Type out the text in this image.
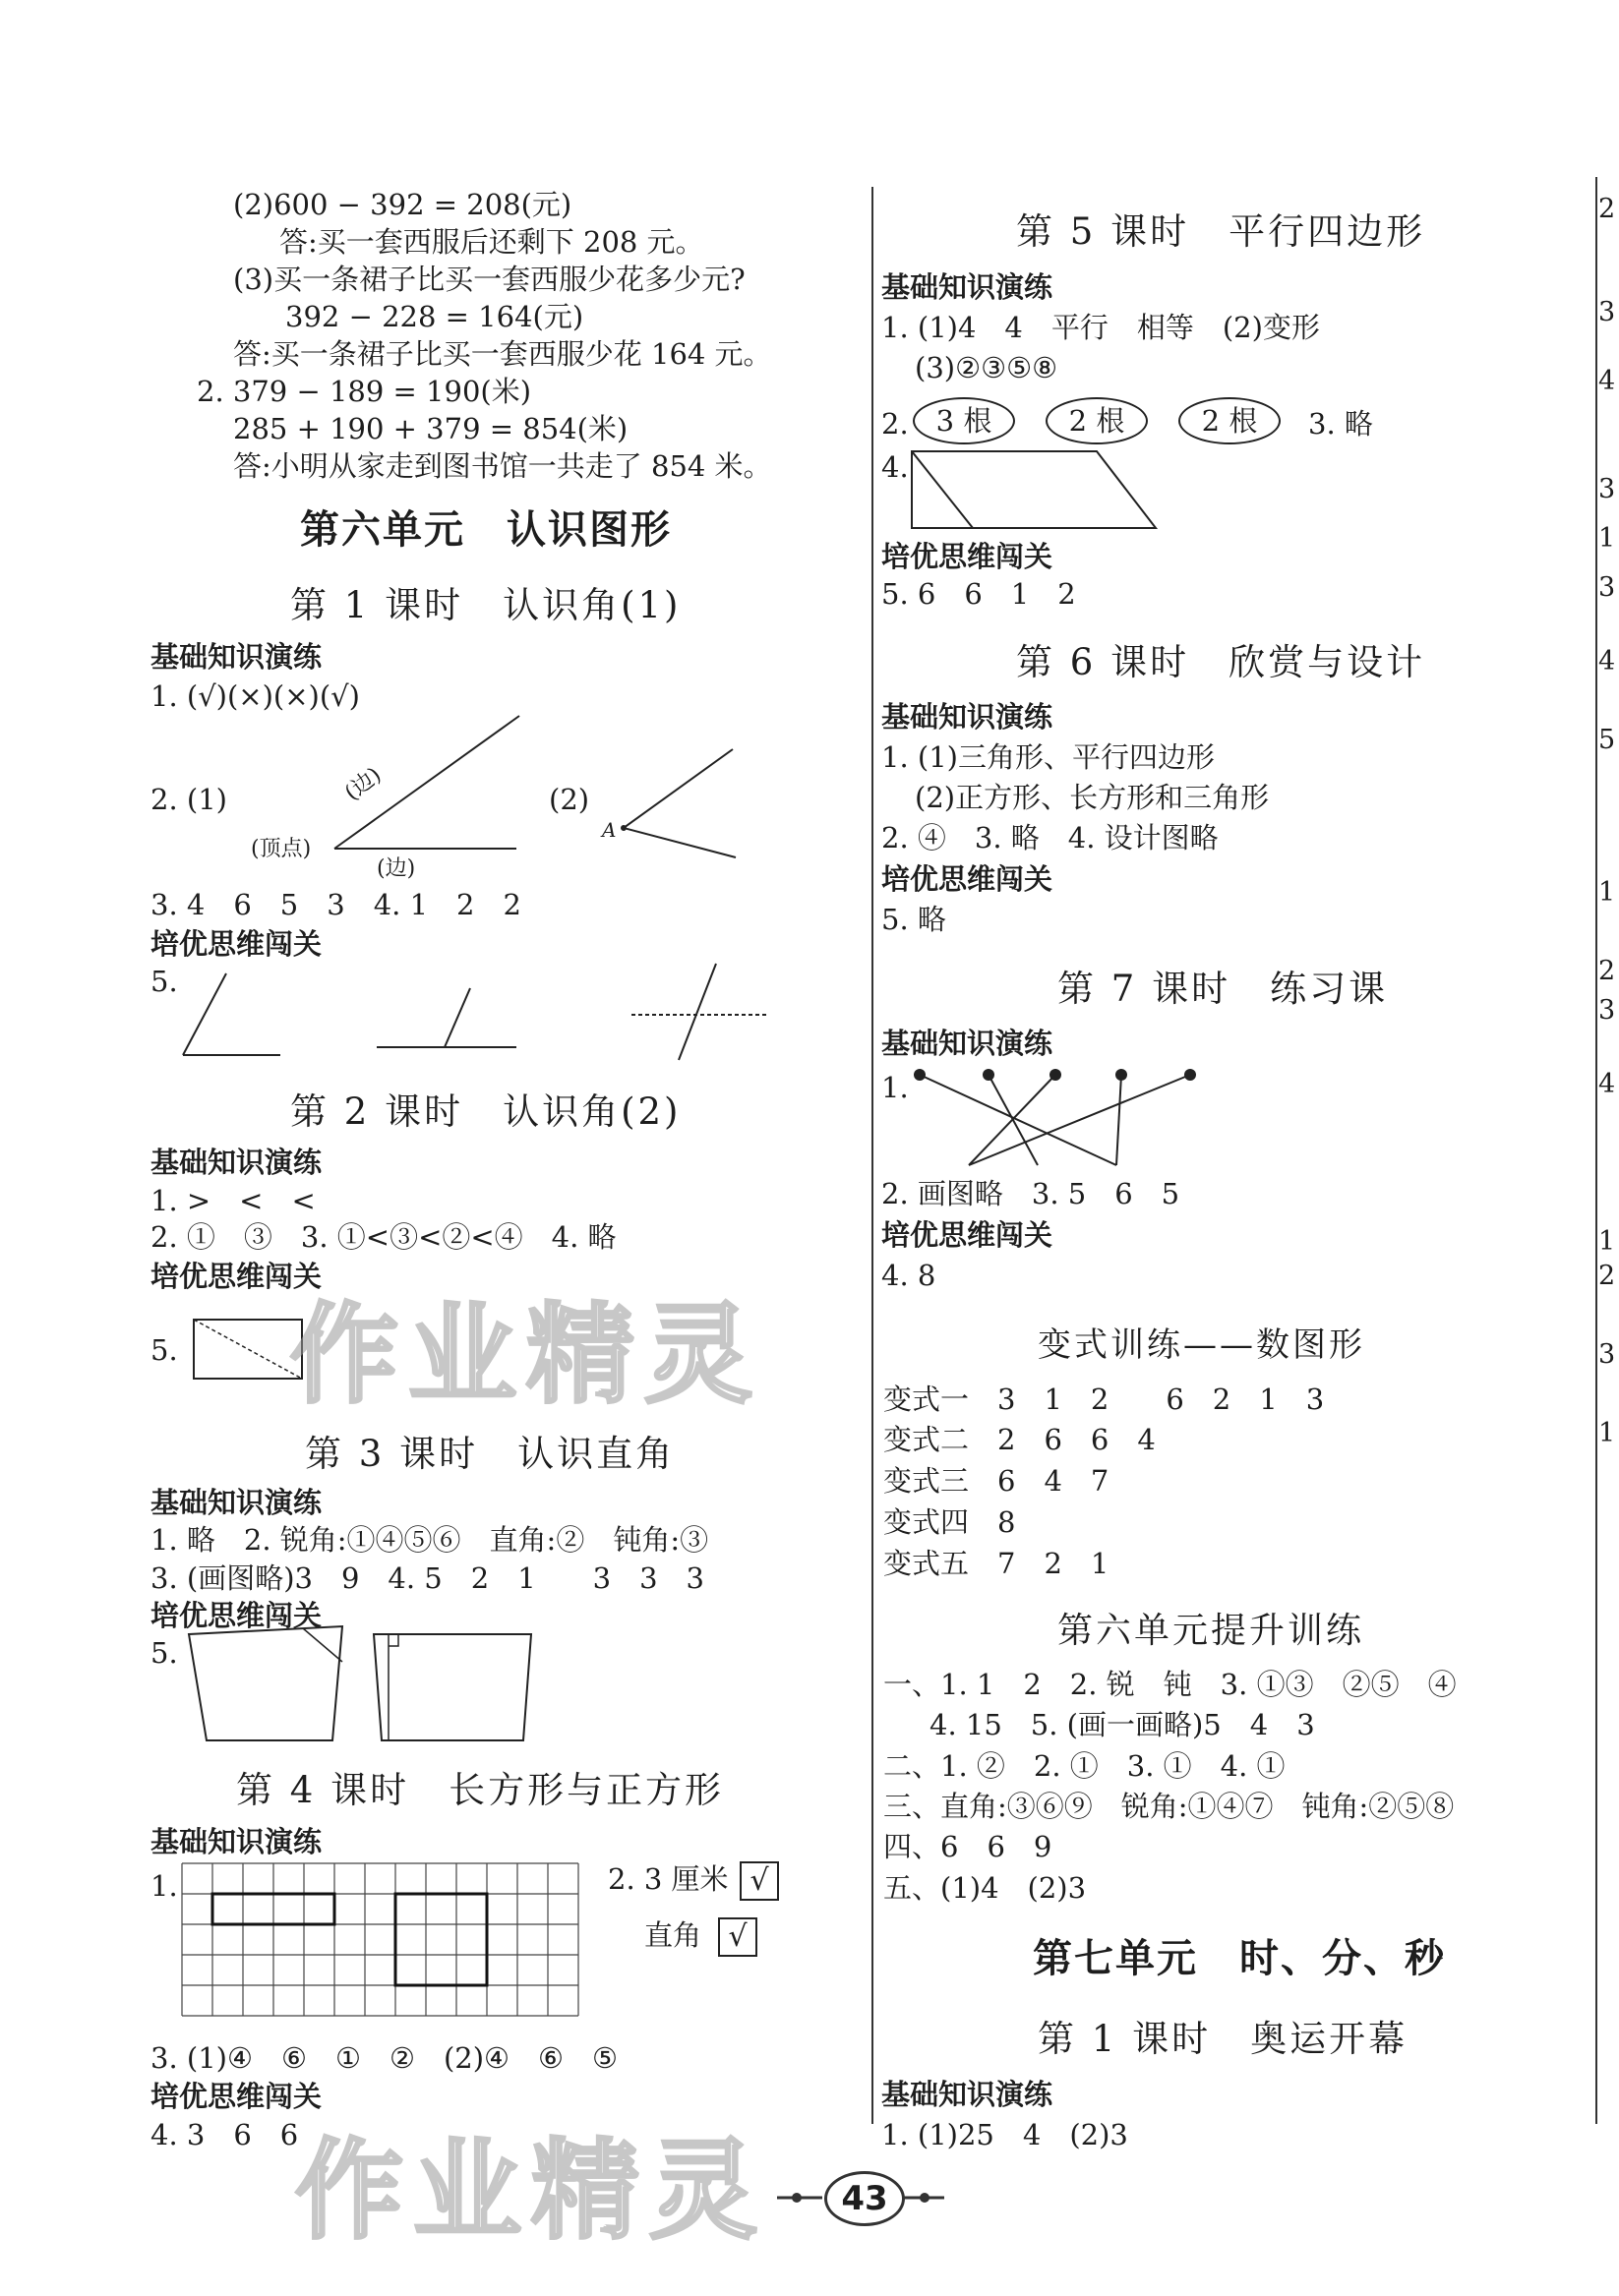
(2)600 − 392 = 208(元)
答:买一套西服后还剩下 208 元。
(3)买一条裙子比买一套西服少花多少元?
392 − 228 = 164(元)
答:买一条裙子比买一套西服少花 164 元。
2. 379 − 189 = 190(米)
285 + 190 + 379 = 854(米)
答:小明从家走到图书馆一共走了 854 米。
第六单元　认识图形
第 1 课时　认识角(1)
基础知识演练
1. (√)(×)(×)(√)
2. (1)	(边)
(顶点)
(边)
(2)
A
3. 4　6　5　3　4. 1　2　2
培优思维闯关
5.
第 2 课时　认识角(2)
基础知识演练
1. >　<　<
2. ①　③　3. ①<③<②<④　4. 略
培优思维闯关
5.
第 3 课时　认识直角
基础知识演练
1. 略　2. 锐角:①④⑤⑥　直角:②　钝角:③
3. (画图略)3　9　4. 5　2　1　　3　3　3
培优思维闯关
5.
第 4 课时　长方形与正方形
基础知识演练
1.	2. 3 厘米 √
直角 √
3. (1)④　⑥　①　②　(2)④　⑥　⑤
培优思维闯关
4. 3　6　6
第 5 课时　平行四边形
基础知识演练
1. (1)4　4　平行　相等　(2)变形
(3)②③⑤⑧
2. 3 根	2 根	2 根	3. 略
4.
培优思维闯关
5. 6　6　1　2
第 6 课时　欣赏与设计
基础知识演练
1. (1)三角形、平行四边形
(2)正方形、长方形和三角形
2. ④　3. 略　4. 设计图略
培优思维闯关
5. 略
第 7 课时　练习课
基础知识演练
1.
2. 画图略　3. 5　6　5
培优思维闯关
4. 8
变式训练——数图形
变式一　3　1　2　　6　2　1　3
变式二　2　6　6　4
变式三　6　4　7
变式四　8
变式五　7　2　1
第六单元提升训练
一、1. 1　2　2. 锐　钝　3. ①③　②⑤　④
4. 15　5. (画一画略)5　4　3
二、1. ②　2. ①　3. ①　4. ①
三、直角:③⑥⑨　锐角:①④⑦　钝角:②⑤⑧
四、6　6　9
五、(1)4　(2)3
第七单元　时、分、秒
第 1 课时　奥运开幕
基础知识演练
1. (1)25　4　(2)3
2
3
4
3
1
3
4
5
1
2
3
4
1
2
3
1
作业精灵
作业精灵	43
